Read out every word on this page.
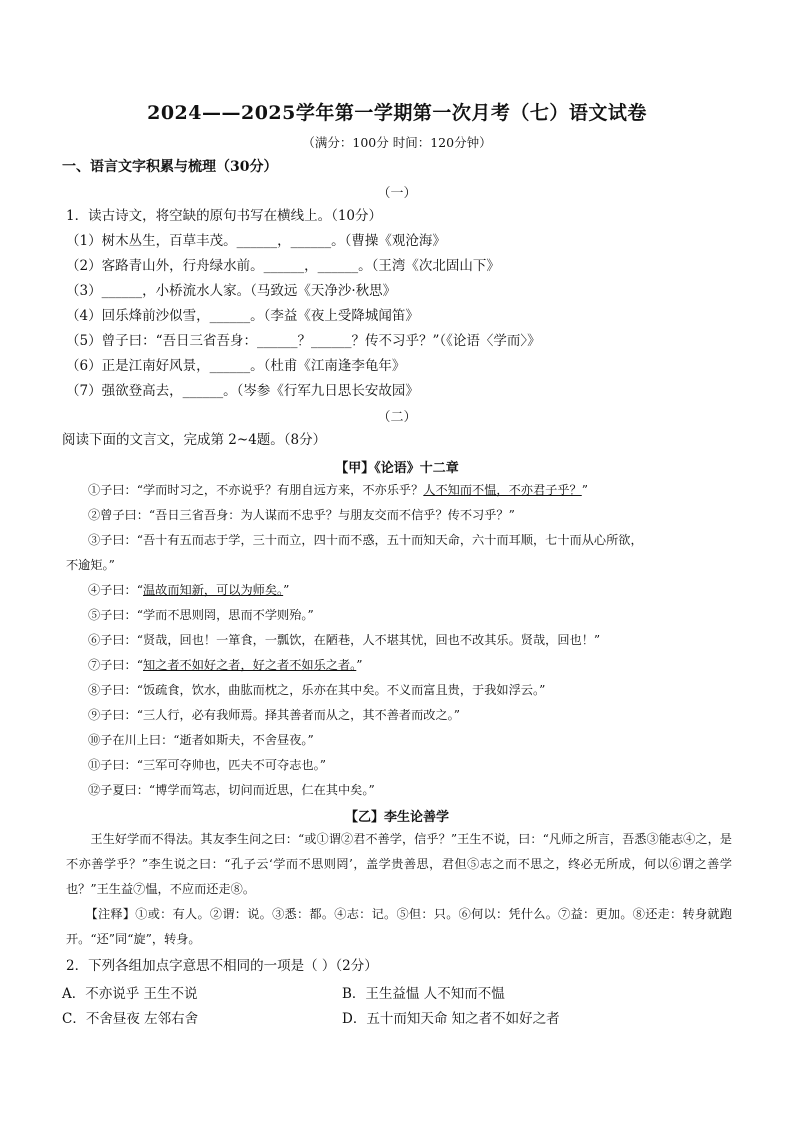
2024——2025学年第一学期第一次月考（七）语文试卷
（满分：100分 时间：120分钟）
一、语言文字积累与梳理（30分）
（一）
1．读古诗文，将空缺的原句书写在横线上。（10分）
（1）树木丛生，百草丰茂。______，______。（曹操《观沧海》
（2）客路青山外，行舟绿水前。______，______。（王湾《次北固山下》
（3）______，小桥流水人家。（马致远《天净沙·秋思》
（4）回乐烽前沙似雪，______。（李益《夜上受降城闻笛》
（5）曾子曰：“吾日三省吾身：______？______？传不习乎？”（《论语〈学而〉》
（6）正是江南好风景，______。（杜甫《江南逢李龟年》
（7）强欲登高去，______。（岑参《行军九日思长安故园》
（二）
阅读下面的文言文，完成第 2~4题。（8分）
【甲】《论语》十二章
①子曰：“学而时习之，不亦说乎？有朋自远方来，不亦乐乎？人不知而不愠，不亦君子乎？”
②曾子曰：“吾日三省吾身：为人谋而不忠乎？与朋友交而不信乎？传不习乎？”
③子曰：“吾十有五而志于学，三十而立，四十而不惑，五十而知天命，六十而耳顺，七十而从心所欲，
不逾矩。”
④子曰：“温故而知新，可以为师矣。”
⑤子曰：“学而不思则罔，思而不学则殆。”
⑥子曰：“贤哉，回也！一箪食，一瓢饮，在陋巷，人不堪其忧，回也不改其乐。贤哉，回也！”
⑦子曰：“知之者不如好之者，好之者不如乐之者。”
⑧子曰：“饭疏食，饮水，曲肱而枕之，乐亦在其中矣。不义而富且贵，于我如浮云。”
⑨子曰：“三人行，必有我师焉。择其善者而从之，其不善者而改之。”
⑩子在川上曰：“逝者如斯夫，不舍昼夜。”
⑪子曰：“三军可夺帅也，匹夫不可夺志也。”
⑫子夏曰：“博学而笃志，切问而近思，仁在其中矣。”
【乙】李生论善学
王生好学而不得法。其友李生问之曰：“或①谓②君不善学，信乎？”王生不说，曰：“凡师之所言，吾悉③能志④之，是不亦善学乎？”李生说之曰：“孔子云‘学而不思则罔’，盖学贵善思，君但⑤志之而不思之，终必无所成，何以⑥谓之善学也？”王生益⑦愠，不应而还走⑧。
【注释】①或：有人。②谓：说。③悉：都。④志：记。⑤但：只。⑥何以：凭什么。⑦益：更加。⑧还走：转身就跑开。“还”同“旋”，转身。
2．下列各组加点字意思不相同的一项是（ ）（2分）
A．不亦说乎 王生不说	B．王生益愠 人不知而不愠
C．不舍昼夜 左邻右舍	D．五十而知天命 知之者不如好之者
